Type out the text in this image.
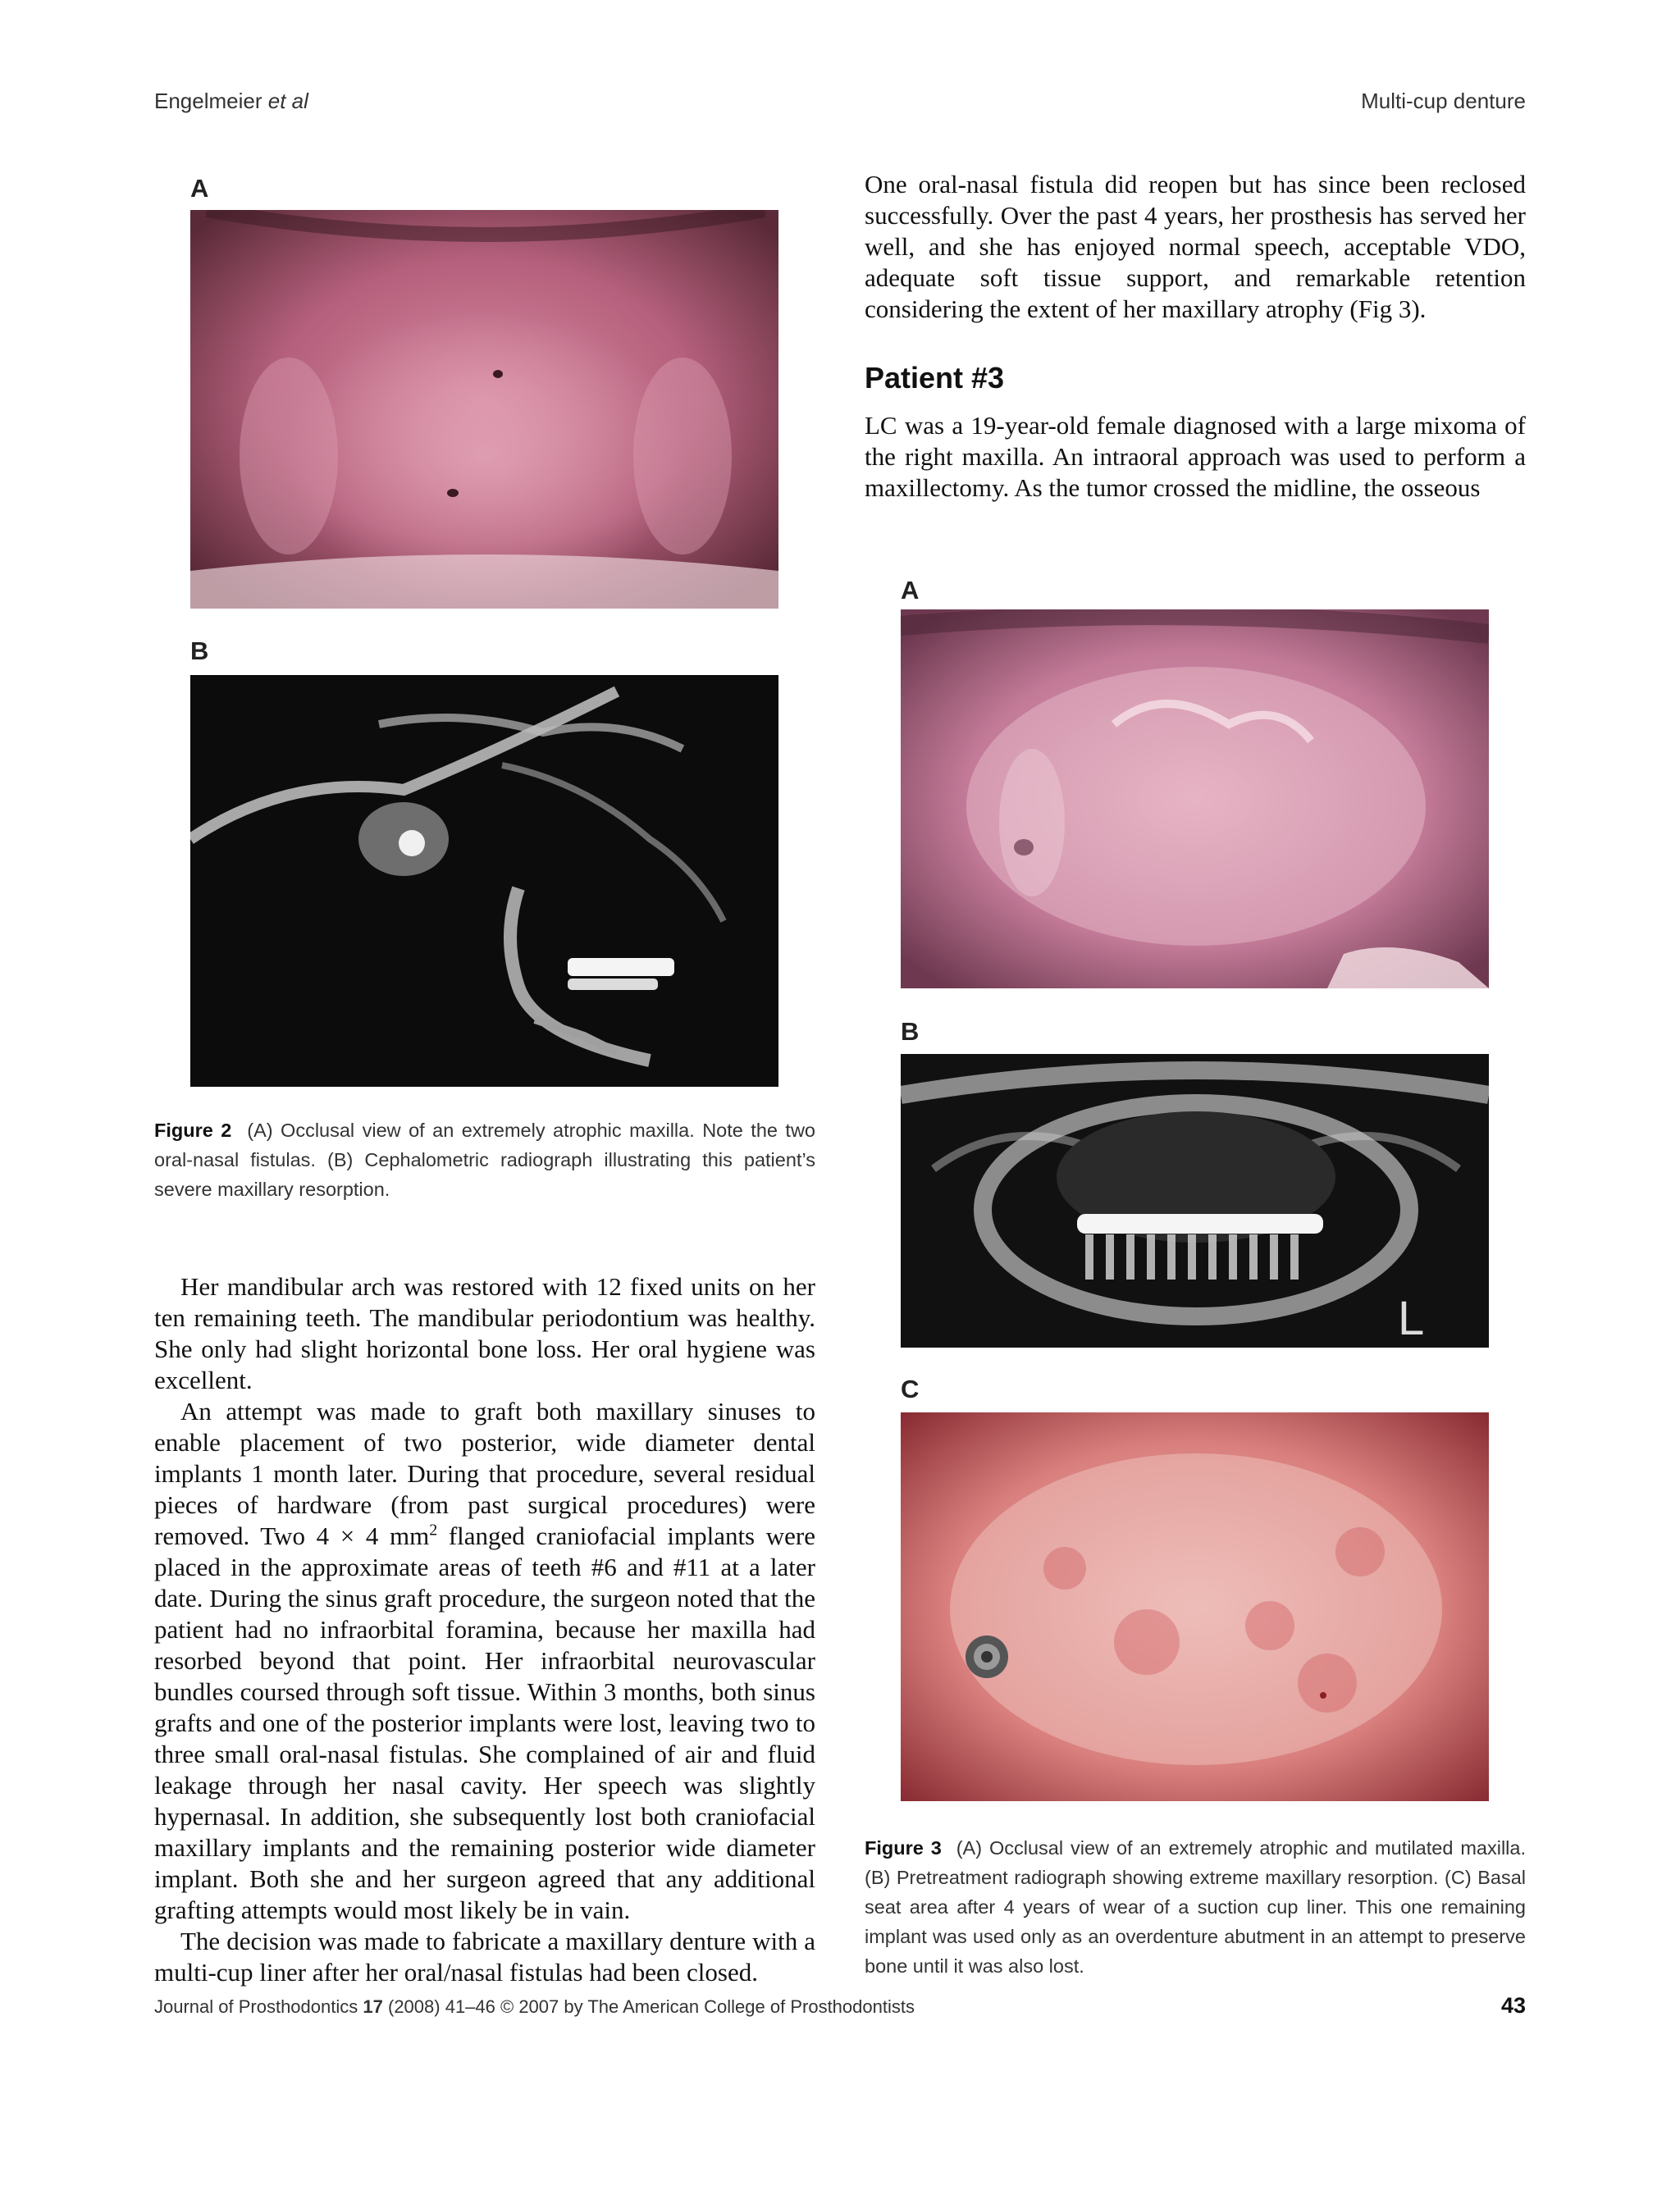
Engelmeier et al	Multi-cup denture
A
B
Figure 2 (A) Occlusal view of an extremely atrophic maxilla. Note the two oral-nasal fistulas. (B) Cephalometric radiograph illustrating this patient’s severe maxillary resorption.

Her mandibular arch was restored with 12 fixed units on her ten remaining teeth. The mandibular periodontium was healthy. She only had slight horizontal bone loss. Her oral hygiene was excellent.

An attempt was made to graft both maxillary sinuses to enable placement of two posterior, wide diameter dental implants 1 month later. During that procedure, several residual pieces of hardware (from past surgical procedures) were removed. Two 4 × 4 $mm^2$ flanged craniofacial implants were placed in the approximate areas of teeth #6 and #11 at a later date. During the sinus graft procedure, the surgeon noted that the patient had no infraorbital foramina, because her maxilla had resorbed beyond that point. Her infraorbital neurovascular bundles coursed through soft tissue. Within 3 months, both sinus grafts and one of the posterior implants were lost, leaving two to three small oral-nasal fistulas. She complained of air and fluid leakage through her nasal cavity. Her speech was slightly hypernasal. In addition, she subsequently lost both craniofacial maxillary implants and the remaining posterior wide diameter implant. Both she and her surgeon agreed that any additional grafting attempts would most likely be in vain.

The decision was made to fabricate a maxillary denture with a multi-cup liner after her oral/nasal fistulas had been closed.

One oral-nasal fistula did reopen but has since been reclosed successfully. Over the past 4 years, her prosthesis has served her well, and she has enjoyed normal speech, acceptable VDO, adequate soft tissue support, and remarkable retention considering the extent of her maxillary atrophy (Fig 3).

Patient #3

LC was a 19-year-old female diagnosed with a large mixoma of the right maxilla. An intraoral approach was used to perform a maxillectomy. As the tumor crossed the midline, the osseous

A
B
L
C
Figure 3 (A) Occlusal view of an extremely atrophic and mutilated maxilla. (B) Pretreatment radiograph showing extreme maxillary resorption. (C) Basal seat area after 4 years of wear of a suction cup liner. This one remaining implant was used only as an overdenture abutment in an attempt to preserve bone until it was also lost.
Journal of Prosthodontics 17 (2008) 41–46 © 2007 by The American College of Prosthodontists	43
